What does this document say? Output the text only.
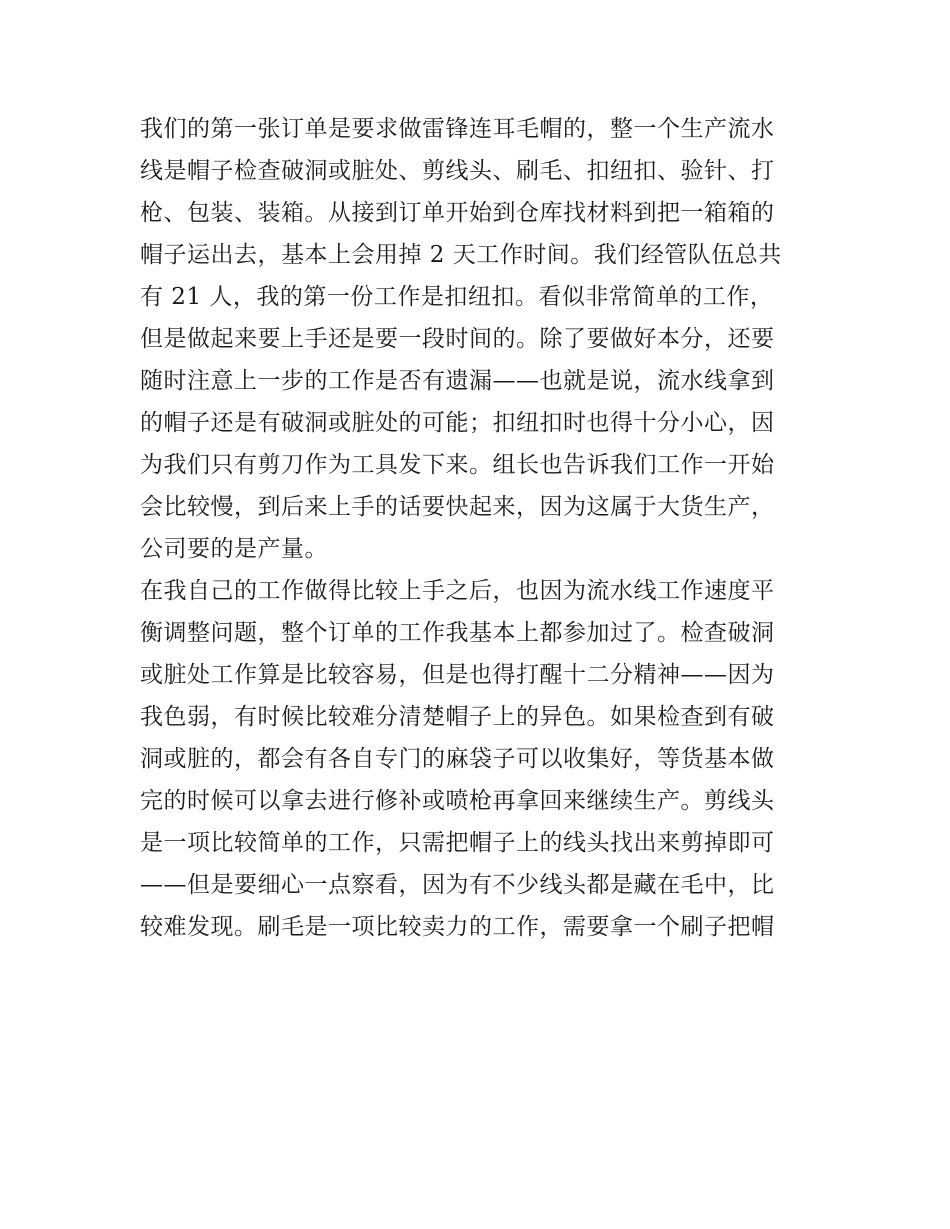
我们的第一张订单是要求做雷锋连耳毛帽的，整一个生产流水
线是帽子检查破洞或脏处、剪线头、刷毛、扣纽扣、验针、打
枪、包装、装箱。从接到订单开始到仓库找材料到把一箱箱的
帽子运出去，基本上会用掉 2 天工作时间。我们经管队伍总共
有 21 人，我的第一份工作是扣纽扣。看似非常简单的工作，
但是做起来要上手还是要一段时间的。除了要做好本分，还要
随时注意上一步的工作是否有遗漏——也就是说，流水线拿到
的帽子还是有破洞或脏处的可能；扣纽扣时也得十分小心，因
为我们只有剪刀作为工具发下来。组长也告诉我们工作一开始
会比较慢，到后来上手的话要快起来，因为这属于大货生产，
公司要的是产量。
在我自己的工作做得比较上手之后，也因为流水线工作速度平
衡调整问题，整个订单的工作我基本上都参加过了。检查破洞
或脏处工作算是比较容易，但是也得打醒十二分精神——因为
我色弱，有时候比较难分清楚帽子上的异色。如果检查到有破
洞或脏的，都会有各自专门的麻袋子可以收集好，等货基本做
完的时候可以拿去进行修补或喷枪再拿回来继续生产。剪线头
是一项比较简单的工作，只需把帽子上的线头找出来剪掉即可
——但是要细心一点察看，因为有不少线头都是藏在毛中，比
较难发现。刷毛是一项比较卖力的工作，需要拿一个刷子把帽
